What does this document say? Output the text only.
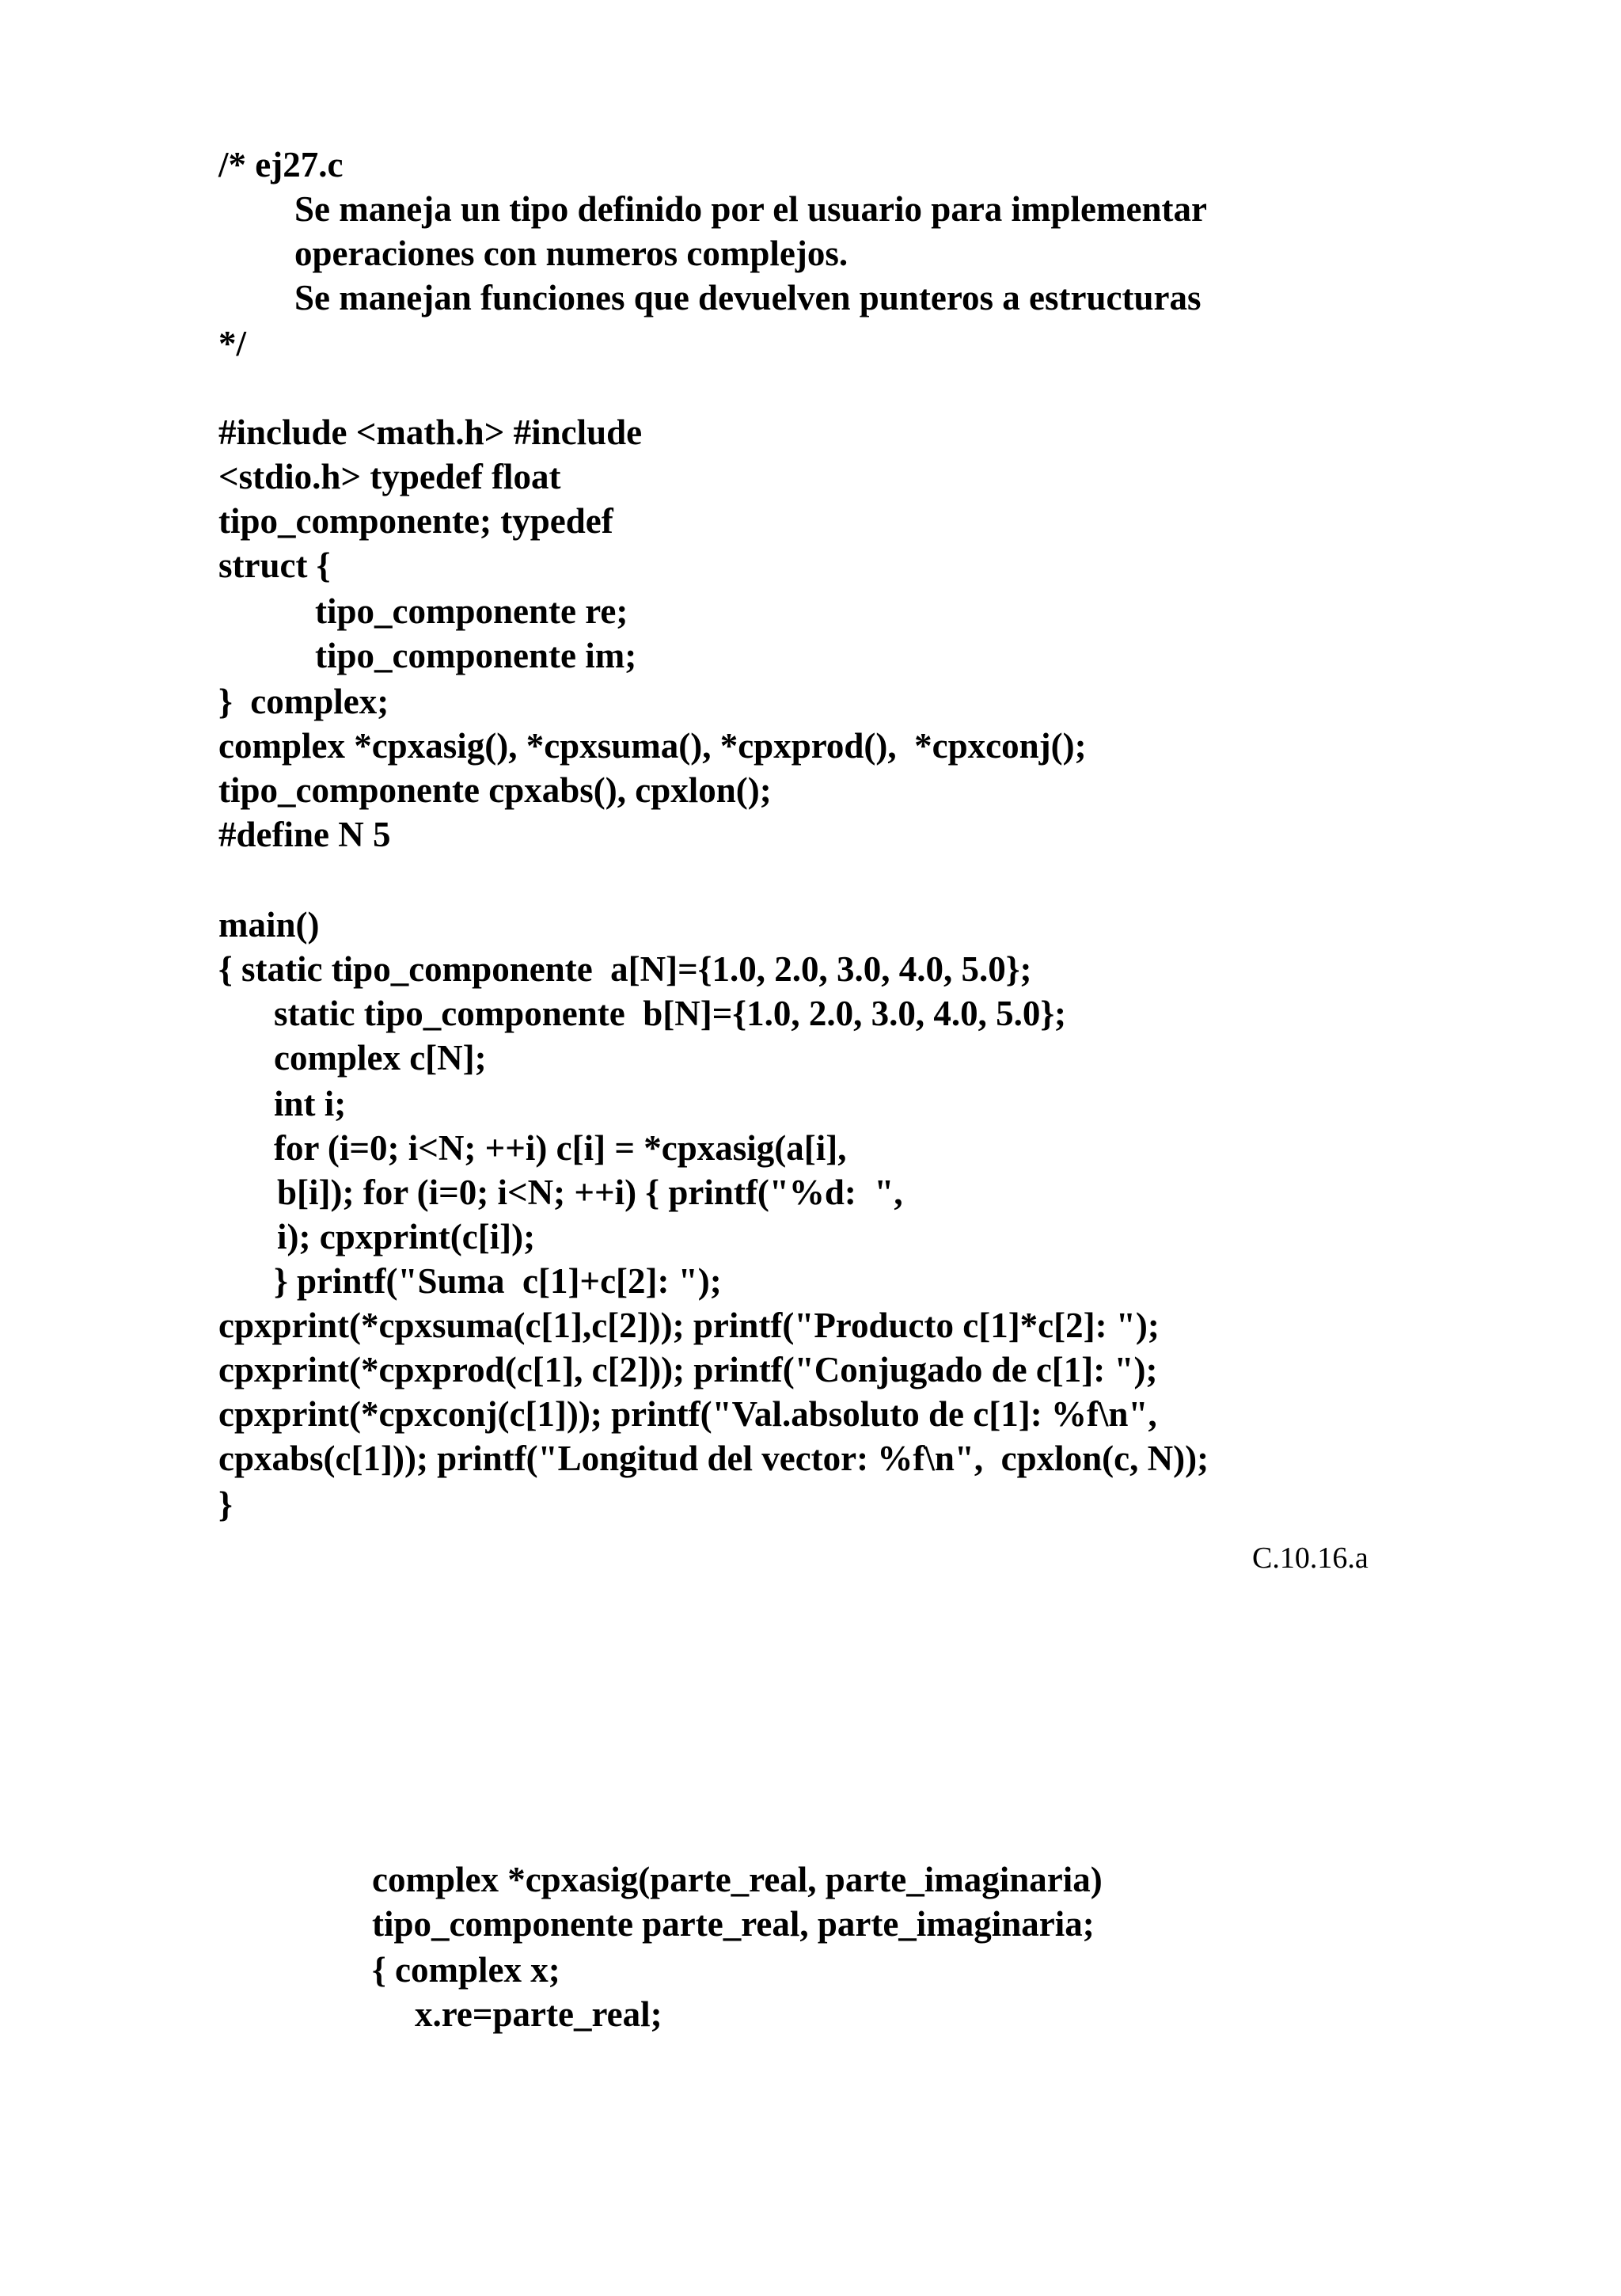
/* ej27.c
Se maneja un tipo definido por el usuario para implementar
operaciones con numeros complejos.
Se manejan funciones que devuelven punteros a estructuras
*/
#include <math.h> #include
<stdio.h> typedef float
tipo_componente; typedef
struct {
tipo_componente re;
tipo_componente im;
}  complex;
complex *cpxasig(), *cpxsuma(), *cpxprod(),  *cpxconj();
tipo_componente cpxabs(), cpxlon();
#define N 5
main()
{ static tipo_componente  a[N]={1.0, 2.0, 3.0, 4.0, 5.0};
static tipo_componente  b[N]={1.0, 2.0, 3.0, 4.0, 5.0};
complex c[N];
int i;
for (i=0; i<N; ++i) c[i] = *cpxasig(a[i],
b[i]); for (i=0; i<N; ++i) { printf("%d:  ",
i); cpxprint(c[i]);
} printf("Suma  c[1]+c[2]: ");
cpxprint(*cpxsuma(c[1],c[2])); printf("Producto c[1]*c[2]: ");
cpxprint(*cpxprod(c[1], c[2])); printf("Conjugado de c[1]: ");
cpxprint(*cpxconj(c[1])); printf("Val.absoluto de c[1]: %f\n",
cpxabs(c[1])); printf("Longitud del vector: %f\n",  cpxlon(c, N));
}
C.10.16.a
complex *cpxasig(parte_real, parte_imaginaria)
tipo_componente parte_real, parte_imaginaria;
{ complex x;
x.re=parte_real;
